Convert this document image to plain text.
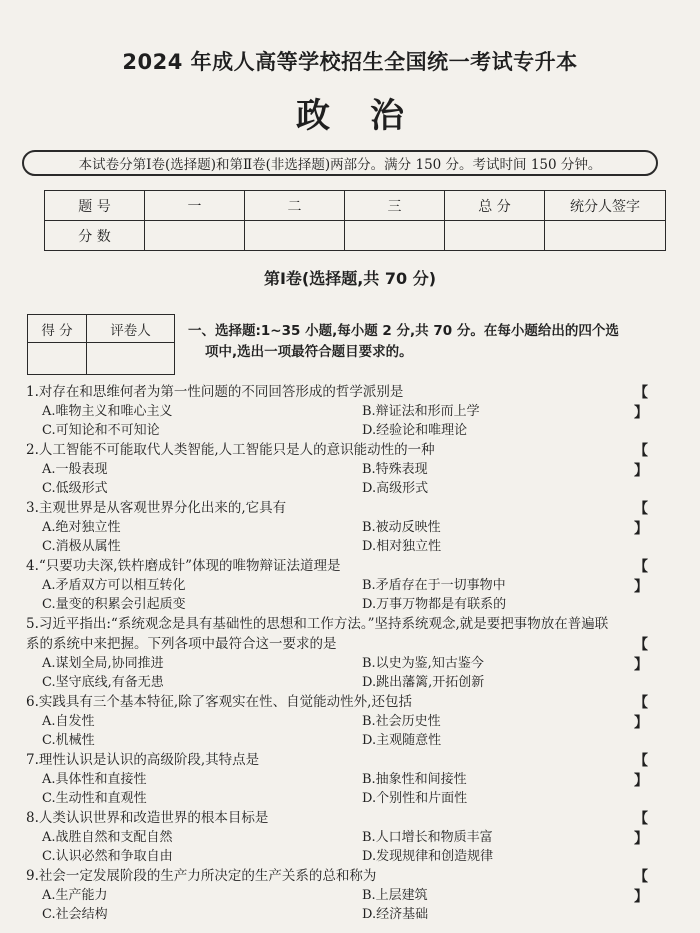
2024 年成人高等学校招生全国统一考试专升本
政治
本试卷分第Ⅰ卷(选择题)和第Ⅱ卷(非选择题)两部分。满分 150 分。考试时间 150 分钟。
题 号	一	二	三	总 分	统分人签字
分 数					
第Ⅰ卷(选择题,共 70 分)
得 分	评卷人
		一、选择题:1~35 小题,每小题 2 分,共 70 分。在每小题给出的四个选
项中,选出一项最符合题目要求的。
【 】
1.对存在和思维何者为第一性问题的不同回答形成的哲学派别是
A.唯物主义和唯心主义	B.辩证法和形而上学
C.可知论和不可知论	D.经验论和唯理论
【 】
2.人工智能不可能取代人类智能,人工智能只是人的意识能动性的一种
A.一般表现	B.特殊表现
C.低级形式	D.高级形式
【 】
3.主观世界是从客观世界分化出来的,它具有
A.绝对独立性	B.被动反映性
C.消极从属性	D.相对独立性
【 】
4.“只要功夫深,铁杵磨成针”体现的唯物辩证法道理是
A.矛盾双方可以相互转化	B.矛盾存在于一切事物中
C.量变的积累会引起质变	D.万事万物都是有联系的
【 】
5.习近平指出:“系统观念是具有基础性的思想和工作方法。”坚持系统观念,就是要把事物放在普遍联系的系统中来把握。下列各项中最符合这一要求的是
A.谋划全局,协同推进	B.以史为鉴,知古鉴今
C.坚守底线,有备无患	D.跳出藩篱,开拓创新
【 】
6.实践具有三个基本特征,除了客观实在性、自觉能动性外,还包括
A.自发性	B.社会历史性
C.机械性	D.主观随意性
【 】
7.理性认识是认识的高级阶段,其特点是
A.具体性和直接性	B.抽象性和间接性
C.生动性和直观性	D.个别性和片面性
【 】
8.人类认识世界和改造世界的根本目标是
A.战胜自然和支配自然	B.人口增长和物质丰富
C.认识必然和争取自由	D.发现规律和创造规律
【 】
9.社会一定发展阶段的生产力所决定的生产关系的总和称为
A.生产能力	B.上层建筑
C.社会结构	D.经济基础
